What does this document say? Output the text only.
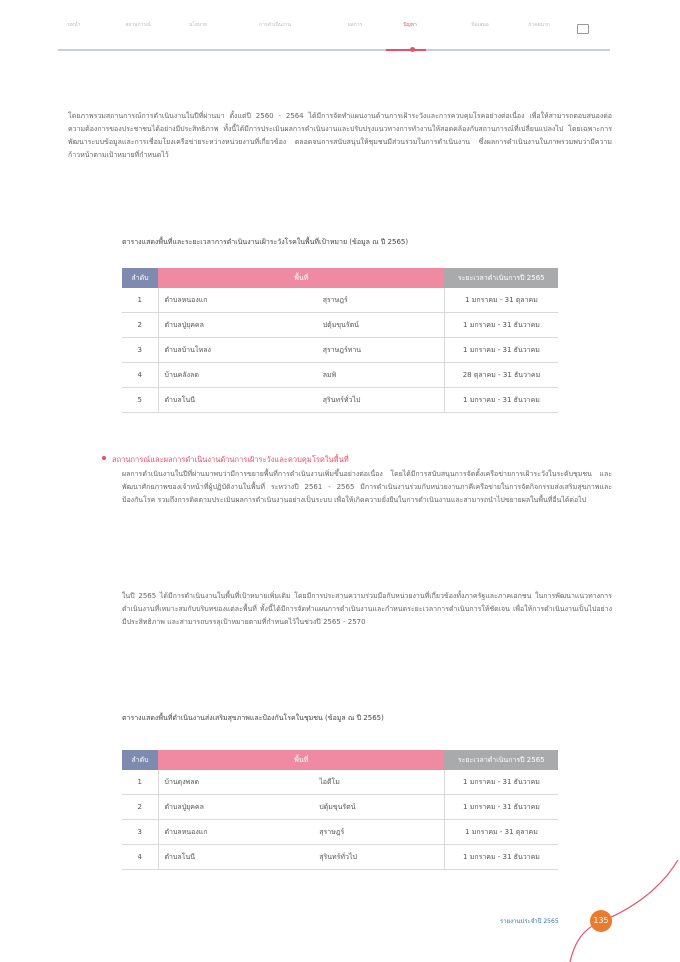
บทนำ	สถานการณ์	นโยบาย	การดำเนินงาน	ผลการ	ปัญหา	ข้อเสนอ	ภาคผนวก
โดยภาพรวมสถานการณ์การดำเนินงานในปีที่ผ่านมา ตั้งแต่ปี 2560 - 2564 ได้มีการจัดทำแผนงานด้านการเฝ้าระวังและการควบคุมโรคอย่างต่อเนื่อง เพื่อให้สามารถตอบสนองต่อความต้องการของประชาชนได้อย่างมีประสิทธิภาพ ทั้งนี้ได้มีการประเมินผลการดำเนินงานและปรับปรุงแนวทางการทำงานให้สอดคล้องกับสถานการณ์ที่เปลี่ยนแปลงไป โดยเฉพาะการพัฒนาระบบข้อมูลและการเชื่อมโยงเครือข่ายระหว่างหน่วยงานที่เกี่ยวข้อง ตลอดจนการสนับสนุนให้ชุมชนมีส่วนร่วมในการดำเนินงาน ซึ่งผลการดำเนินงานในภาพรวมพบว่ามีความก้าวหน้าตามเป้าหมายที่กำหนดไว้
ตารางแสดงพื้นที่และระยะเวลาการดำเนินงานเฝ้าระวังโรคในพื้นที่เป้าหมาย (ข้อมูล ณ ปี 2565)
ลำดับ	พื้นที่		ระยะเวลาดำเนินการปี 2565
1	ตำบลหนองแก	สุราษฎร์	1 มกราคม - 31 ตุลาคม
2	ตำบลปู่ยุคคล	ปตุ้มขุนรัตน์	1 มกราคม - 31 ธันวาคม
3	ตำบลบ้านโหลง	สุราษฎร์ทาน	1 มกราคม - 31 ธันวาคม
4	บ้านคลังลด	ลมพิ	28 ตุลาคม - 31 ธันวาคม
5	ตำบลโนนี	สุรินทร์ทั่วไป	1 มกราคม - 31 ธันวาคม
สถานการณ์และผลการดำเนินงานด้านการเฝ้าระวังและควบคุมโรคในพื้นที่
ผลการดำเนินงานในปีที่ผ่านมาพบว่ามีการขยายพื้นที่การดำเนินงานเพิ่มขึ้นอย่างต่อเนื่อง โดยได้มีการสนับสนุนการจัดตั้งเครือข่ายการเฝ้าระวังในระดับชุมชน และพัฒนาศักยภาพของเจ้าหน้าที่ผู้ปฏิบัติงานในพื้นที่ ระหว่างปี 2561 - 2565 มีการดำเนินงานร่วมกับหน่วยงานภาคีเครือข่ายในการจัดกิจกรรมส่งเสริมสุขภาพและป้องกันโรค รวมถึงการติดตามประเมินผลการดำเนินงานอย่างเป็นระบบ เพื่อให้เกิดความยั่งยืนในการดำเนินงานและสามารถนำไปขยายผลในพื้นที่อื่นได้ต่อไป
ในปี 2565 ได้มีการดำเนินงานในพื้นที่เป้าหมายเพิ่มเติม โดยมีการประสานความร่วมมือกับหน่วยงานที่เกี่ยวข้องทั้งภาครัฐและภาคเอกชน ในการพัฒนาแนวทางการดำเนินงานที่เหมาะสมกับบริบทของแต่ละพื้นที่ ทั้งนี้ได้มีการจัดทำแผนการดำเนินงานและกำหนดระยะเวลาการดำเนินการให้ชัดเจน เพื่อให้การดำเนินงานเป็นไปอย่างมีประสิทธิภาพ และสามารถบรรลุเป้าหมายตามที่กำหนดไว้ในช่วงปี 2565 - 2570
ตารางแสดงพื้นที่ดำเนินงานส่งเสริมสุขภาพและป้องกันโรคในชุมชน (ข้อมูล ณ ปี 2565)
ลำดับ	พื้นที่		ระยะเวลาดำเนินการปี 2565
1	บ้านดุงพลด	ไอดีโม	1 มกราคม - 31 ธันวาคม
2	ตำบลปู่ยุคคล	ปตุ้มขุนรัตน์	1 มกราคม - 31 ธันวาคม
3	ตำบลหนองแก	สุราษฎร์	1 มกราคม - 31 ตุลาคม
4	ตำบลโนนี	สุรินทร์ทั่วไป	1 มกราคม - 31 ธันวาคม
รายงานประจำปี 2565	135
